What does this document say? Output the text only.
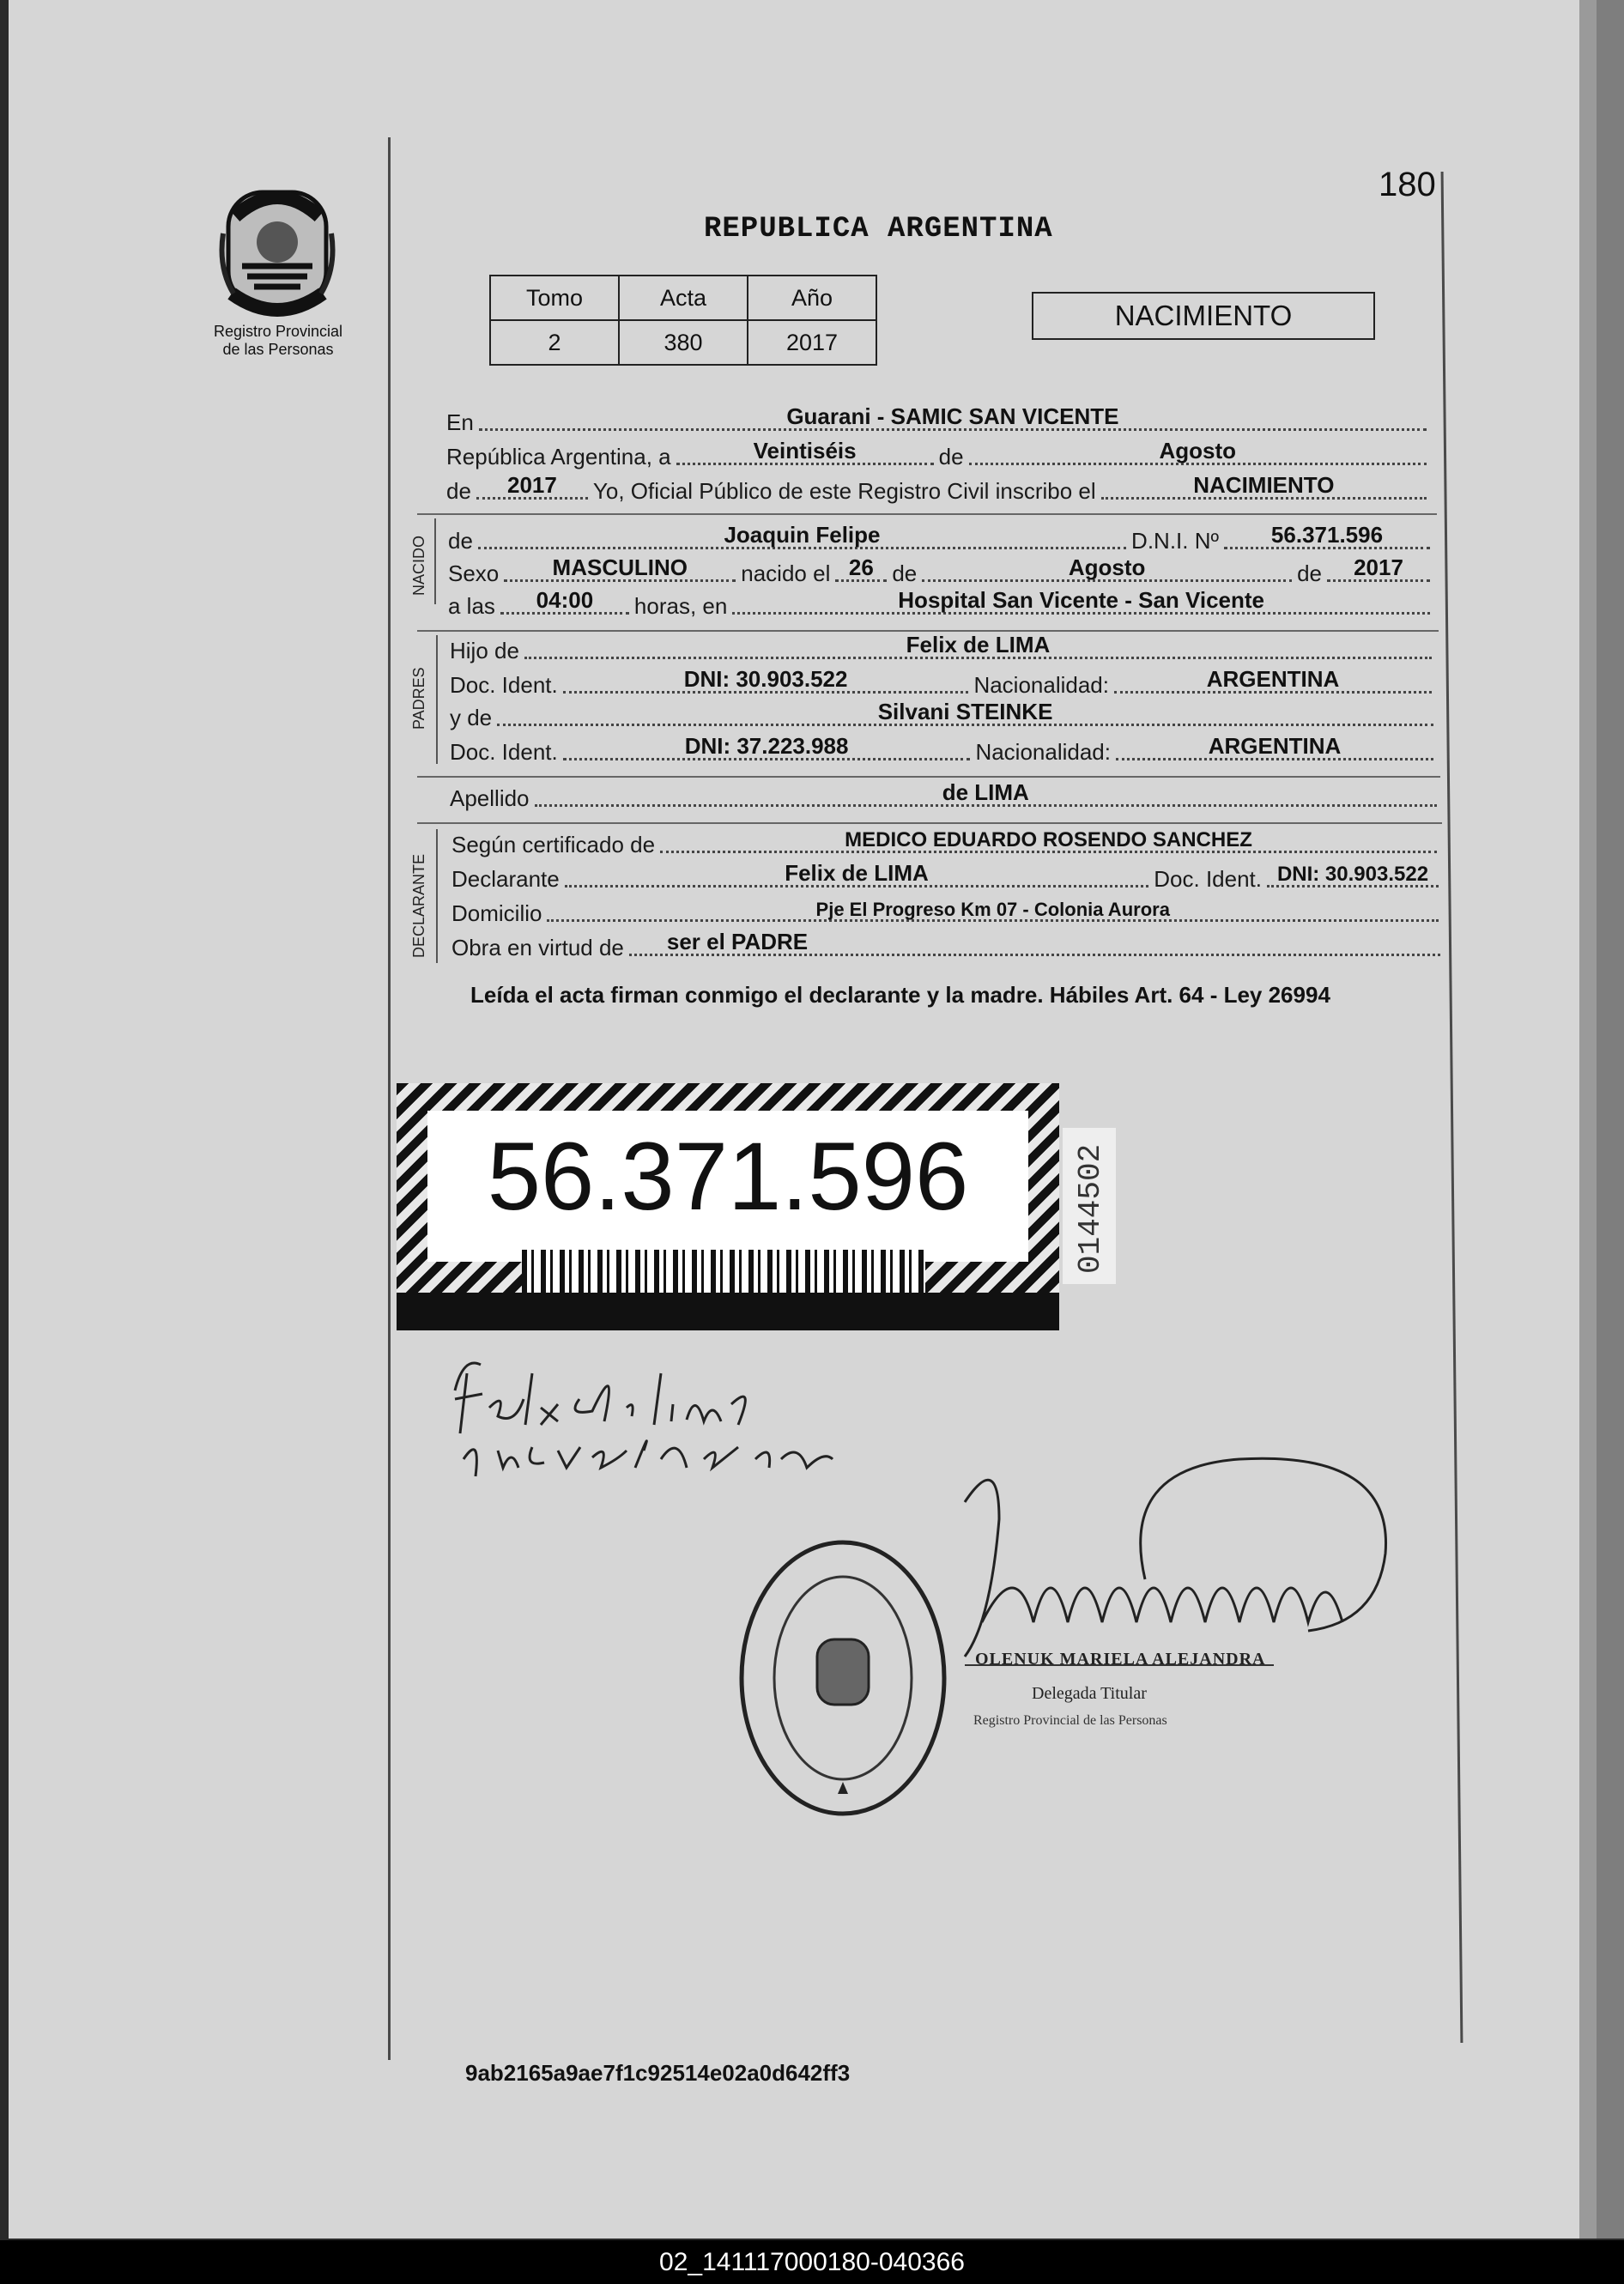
180
Registro Provincial
de las Personas
REPUBLICA ARGENTINA
Tomo	Acta	Año
2	380	2017
NACIMIENTO
En	Guarani - SAMIC SAN VICENTE
República Argentina, a	Veintiséis	de	Agosto
de	2017	Yo, Oficial Público de este Registro Civil inscribo el	NACIMIENTO
NACIDO de	Joaquin Felipe	D.N.I. Nº	56.371.596
Sexo	MASCULINO	nacido el 26 de	Agosto	de	2017
a las	04:00	horas, en	Hospital San Vicente - San Vicente
PADRES
Hijo de	Felix de LIMA
Doc. Ident.	DNI: 30.903.522	Nacionalidad:	ARGENTINA
y de	Silvani STEINKE
Doc. Ident.	DNI: 37.223.988	Nacionalidad:	ARGENTINA
Apellido	de LIMA
DECLARANTE
Según certificado de	MEDICO EDUARDO ROSENDO SANCHEZ
Declarante	Felix de LIMA	Doc. Ident. DNI: 30.903.522
Domicilio	Pje El Progreso Km 07 - Colonia Aurora
Obra en virtud de	ser el PADRE
Leída el acta firman conmigo el declarante y la madre. Hábiles Art. 64 - Ley 26994
56.371.596	0144502
OLENUK MARIELA ALEJANDRA
Delegada Titular
Registro Provincial de las Personas
9ab2165a9ae7f1c92514e02a0d642ff3
02_141117000180-040366
